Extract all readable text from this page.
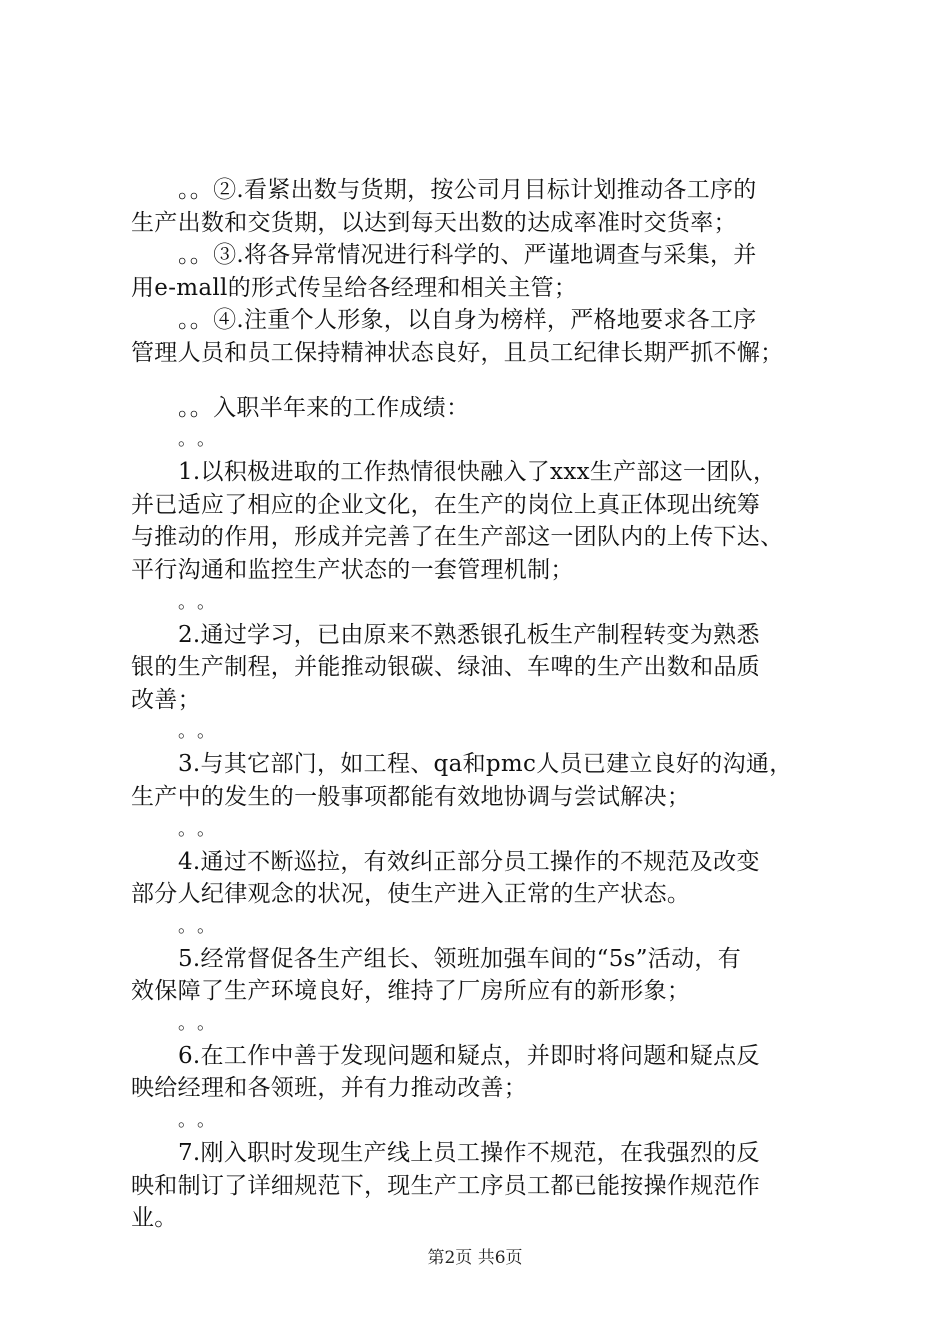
。。②.看紧出数与货期，按公司月目标计划推动各工序的
生产出数和交货期，以达到每天出数的达成率准时交货率；
。。③.将各异常情况进行科学的、严谨地调查与采集，并
用e-mall的形式传呈给各经理和相关主管；
。。④.注重个人形象，以自身为榜样，严格地要求各工序
管理人员和员工保持精神状态良好，且员工纪律长期严抓不懈；
。。入职半年来的工作成绩：
。。
1.以积极进取的工作热情很快融入了xxx生产部这一团队，
并已适应了相应的企业文化，在生产的岗位上真正体现出统筹
与推动的作用，形成并完善了在生产部这一团队内的上传下达、
平行沟通和监控生产状态的一套管理机制；
。。
2.通过学习，已由原来不熟悉银孔板生产制程转变为熟悉
银的生产制程，并能推动银碳、绿油、车啤的生产出数和品质
改善；
。。
3.与其它部门，如工程、qa和pmc人员已建立良好的沟通，
生产中的发生的一般事项都能有效地协调与尝试解决；
。。
4.通过不断巡拉，有效纠正部分员工操作的不规范及改变
部分人纪律观念的状况，使生产进入正常的生产状态。
。。
5.经常督促各生产组长、领班加强车间的“5s”活动，有
效保障了生产环境良好，维持了厂房所应有的新形象；
。。
6.在工作中善于发现问题和疑点，并即时将问题和疑点反
映给经理和各领班，并有力推动改善；
。。
7.刚入职时发现生产线上员工操作不规范，在我强烈的反
映和制订了详细规范下，现生产工序员工都已能按操作规范作
业。
第2页 共6页
